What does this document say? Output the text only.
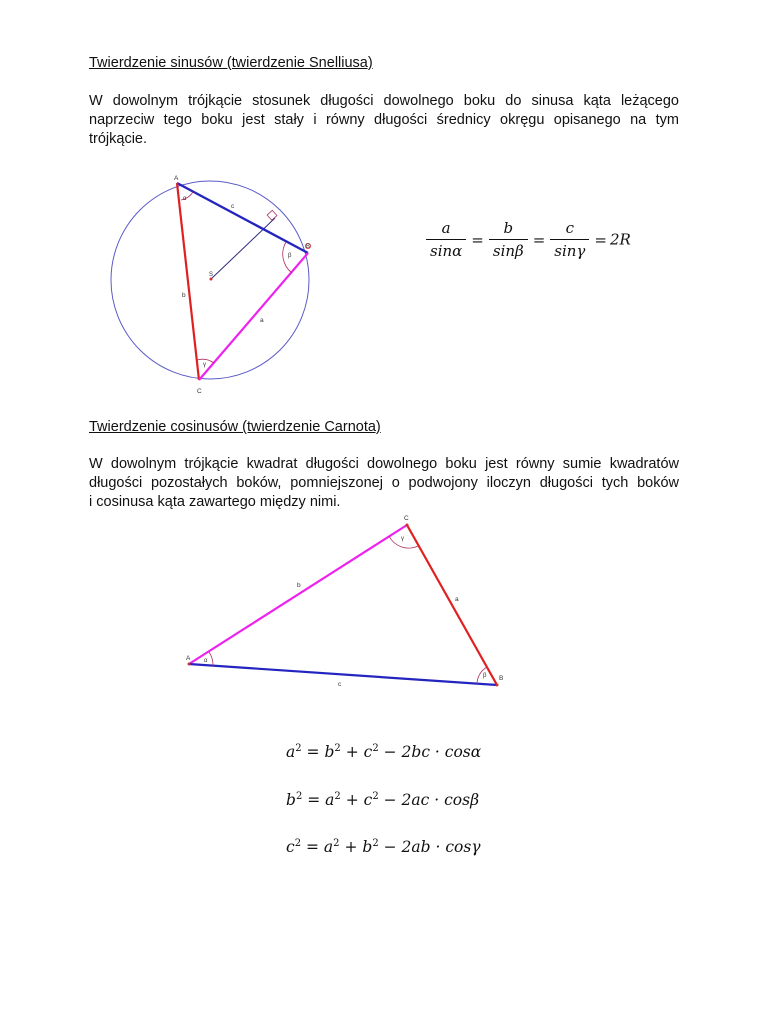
Twierdzenie sinusów (twierdzenie Snelliusa)
W dowolnym trójkącie stosunek długości dowolnego boku do sinusa kąta leżącego
naprzeciw tego boku jest stały i równy długości średnicy okręgu opisanego na tym
trójkącie.
A
B
C
S
a
b
c
α
β
γ
$\frac{a}{\sin\alpha} = \frac{b}{\sin\beta} = \frac{c}{\sin\gamma} = 2R$
Twierdzenie cosinusów (twierdzenie Carnota)
W dowolnym trójkącie kwadrat długości dowolnego boku jest równy sumie kwadratów
długości pozostałych boków, pomniejszonej o podwojony iloczyn długości tych boków
i cosinusa kąta zawartego między nimi.
A
B
C
a
b
c
α
β
γ
$a^2 = b^2 + c^2 - 2bc \cdot \cos\alpha$
$b^2 = a^2 + c^2 - 2ac \cdot \cos\beta$
$c^2 = a^2 + b^2 - 2ab \cdot \cos\gamma$
